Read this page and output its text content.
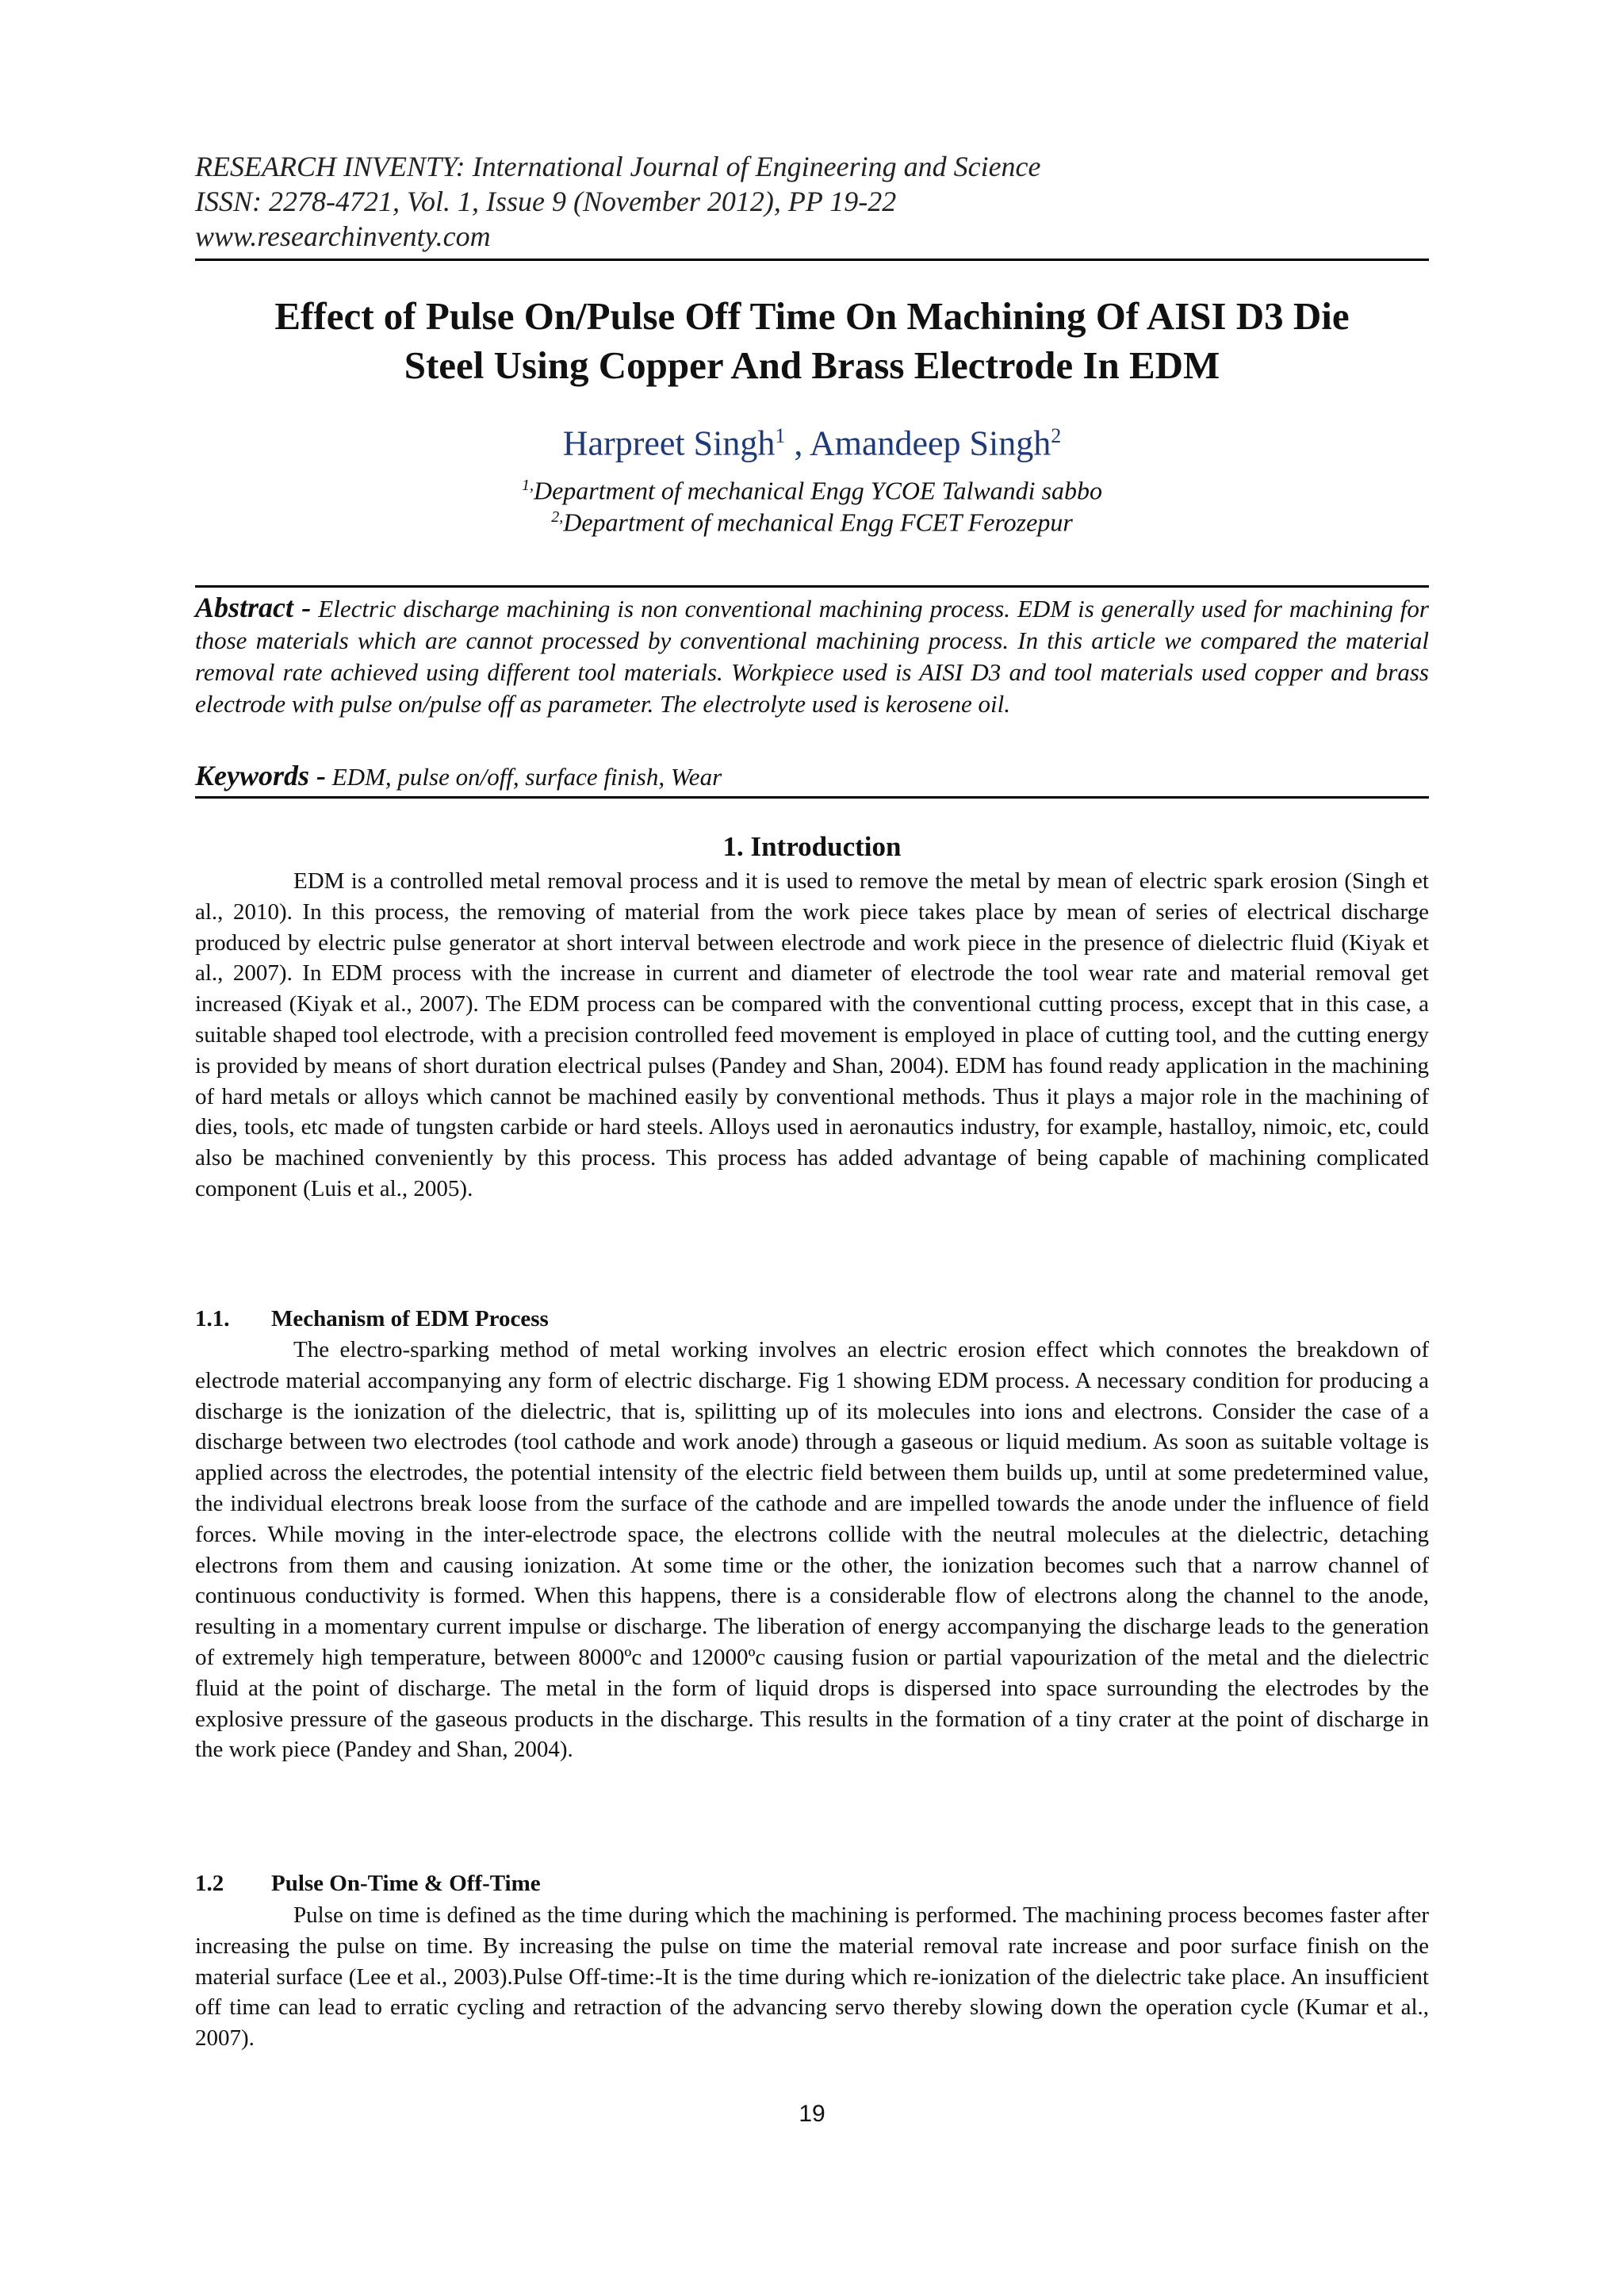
RESEARCH INVENTY: International Journal of Engineering and Science
ISSN: 2278-4721, Vol. 1, Issue 9 (November 2012), PP 19-22
www.researchinventy.com
Effect of Pulse On/Pulse Off Time On Machining Of AISI D3 Die
Steel Using Copper And Brass Electrode In EDM
Harpreet Singh$^1$ , Amandeep Singh$^2$
$^{1,}$Department of mechanical Engg YCOE Talwandi sabbo
$^{2,}$Department of mechanical Engg FCET Ferozepur
Abstract - Electric discharge machining is non conventional machining process. EDM is generally used for machining for those materials which are cannot processed by conventional machining process. In this article we compared the material removal rate achieved using different tool materials. Workpiece used is AISI D3 and tool materials used copper and brass electrode with pulse on/pulse off as parameter. The electrolyte used is kerosene oil.
Keywords - EDM, pulse on/off, surface finish, Wear
1. Introduction
EDM is a controlled metal removal process and it is used to remove the metal by mean of electric spark erosion (Singh et al., 2010). In this process, the removing of material from the work piece takes place by mean of series of electrical discharge produced by electric pulse generator at short interval between electrode and work piece in the presence of dielectric fluid (Kiyak et al., 2007). In EDM process with the increase in current and diameter of electrode the tool wear rate and material removal get increased (Kiyak et al., 2007). The EDM process can be compared with the conventional cutting process, except that in this case, a suitable shaped tool electrode, with a precision controlled feed movement is employed in place of cutting tool, and the cutting energy is provided by means of short duration electrical pulses (Pandey and Shan, 2004). EDM has found ready application in the machining of hard metals or alloys which cannot be machined easily by conventional methods. Thus it plays a major role in the machining of dies, tools, etc made of tungsten carbide or hard steels. Alloys used in aeronautics industry, for example, hastalloy, nimoic, etc, could also be machined conveniently by this process. This process has added advantage of being capable of machining complicated component (Luis et al., 2005).
1.1. Mechanism of EDM Process
The electro-sparking method of metal working involves an electric erosion effect which connotes the breakdown of electrode material accompanying any form of electric discharge. Fig 1 showing EDM process. A necessary condition for producing a discharge is the ionization of the dielectric, that is, spilitting up of its molecules into ions and electrons. Consider the case of a discharge between two electrodes (tool cathode and work anode) through a gaseous or liquid medium. As soon as suitable voltage is applied across the electrodes, the potential intensity of the electric field between them builds up, until at some predetermined value, the individual electrons break loose from the surface of the cathode and are impelled towards the anode under the influence of field forces. While moving in the inter-electrode space, the electrons collide with the neutral molecules at the dielectric, detaching electrons from them and causing ionization. At some time or the other, the ionization becomes such that a narrow channel of continuous conductivity is formed. When this happens, there is a considerable flow of electrons along the channel to the anode, resulting in a momentary current impulse or discharge. The liberation of energy accompanying the discharge leads to the generation of extremely high temperature, between 8000ºc and 12000ºc causing fusion or partial vapourization of the metal and the dielectric fluid at the point of discharge. The metal in the form of liquid drops is dispersed into space surrounding the electrodes by the explosive pressure of the gaseous products in the discharge. This results in the formation of a tiny crater at the point of discharge in the work piece (Pandey and Shan, 2004).
1.2 Pulse On-Time & Off-Time
Pulse on time is defined as the time during which the machining is performed. The machining process becomes faster after increasing the pulse on time. By increasing the pulse on time the material removal rate increase and poor surface finish on the material surface (Lee et al., 2003).Pulse Off-time:-It is the time during which re-ionization of the dielectric take place. An insufficient off time can lead to erratic cycling and retraction of the advancing servo thereby slowing down the operation cycle (Kumar et al., 2007).
19
